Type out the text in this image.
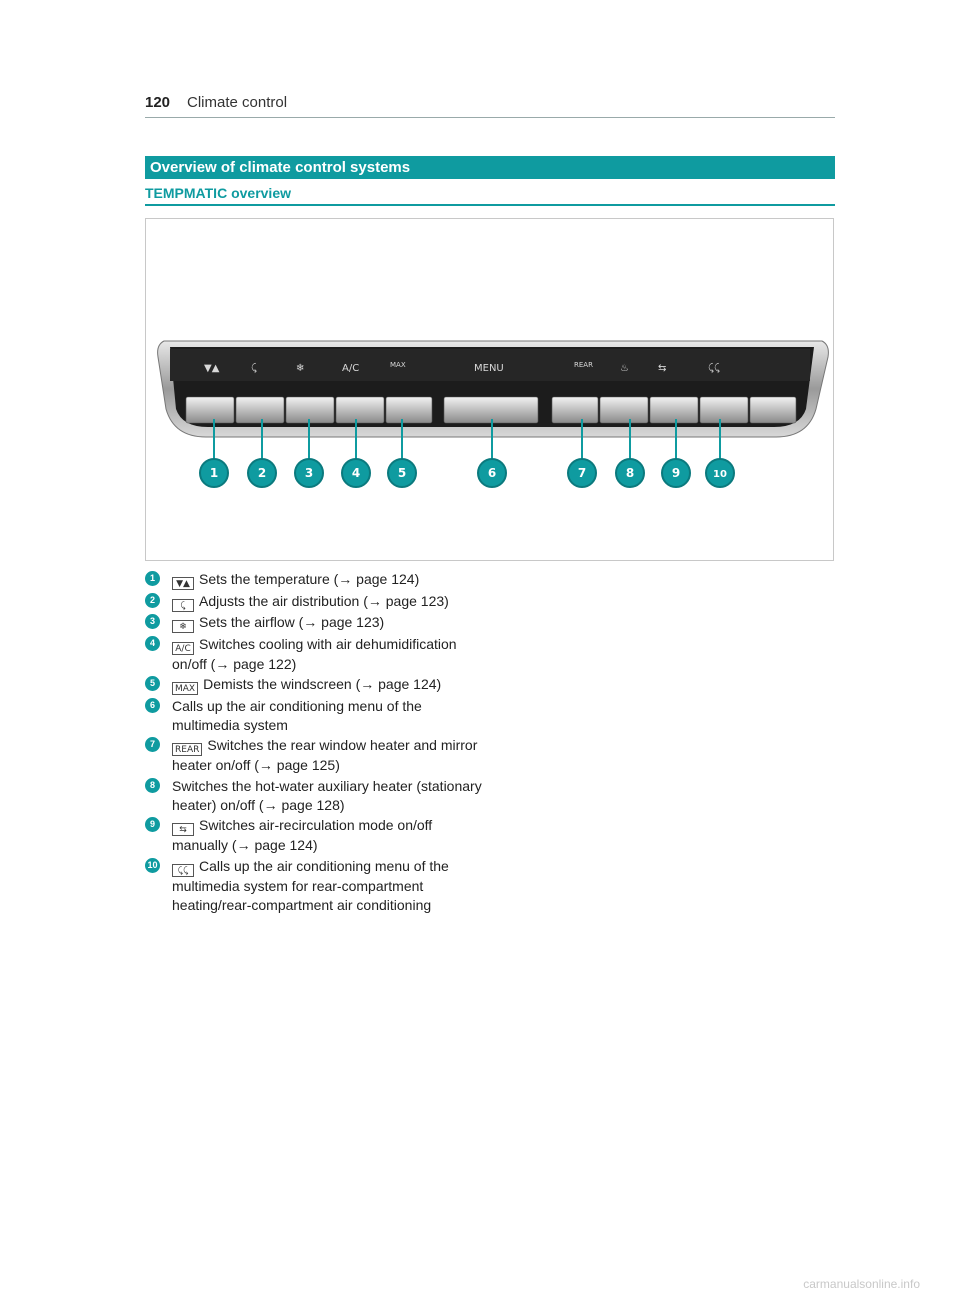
120 Climate control
Overview of climate control systems
TEMPMATIC overview
▼▲	⤹	❄	A/C	MAX	MENU	REAR	♨	⇆	⤹⤹
1	2	3	4	5	6	7	8	9	10
1
▼▲ Sets the temperature (→ page 124)
2
⤹ Adjusts the air distribution (→ page 123)
3
❄ Sets the airflow (→ page 123)
4
A/C Switches cooling with air dehumidification on/off (→ page 122)
5
MAX Demists the windscreen (→ page 124)
6	Calls up the air conditioning menu of the multimedia system
7
REAR Switches the rear window heater and mirror heater on/off (→ page 125)
8	Switches the hot-water auxiliary heater (stationary heater) on/off (→ page 128)
9
⇆ Switches air-recirculation mode on/off manually (→ page 124)
10
⤹⤹ Calls up the air conditioning menu of the multimedia system for rear-compartment heating/rear-compartment air conditioning
carmanualsonline.info
